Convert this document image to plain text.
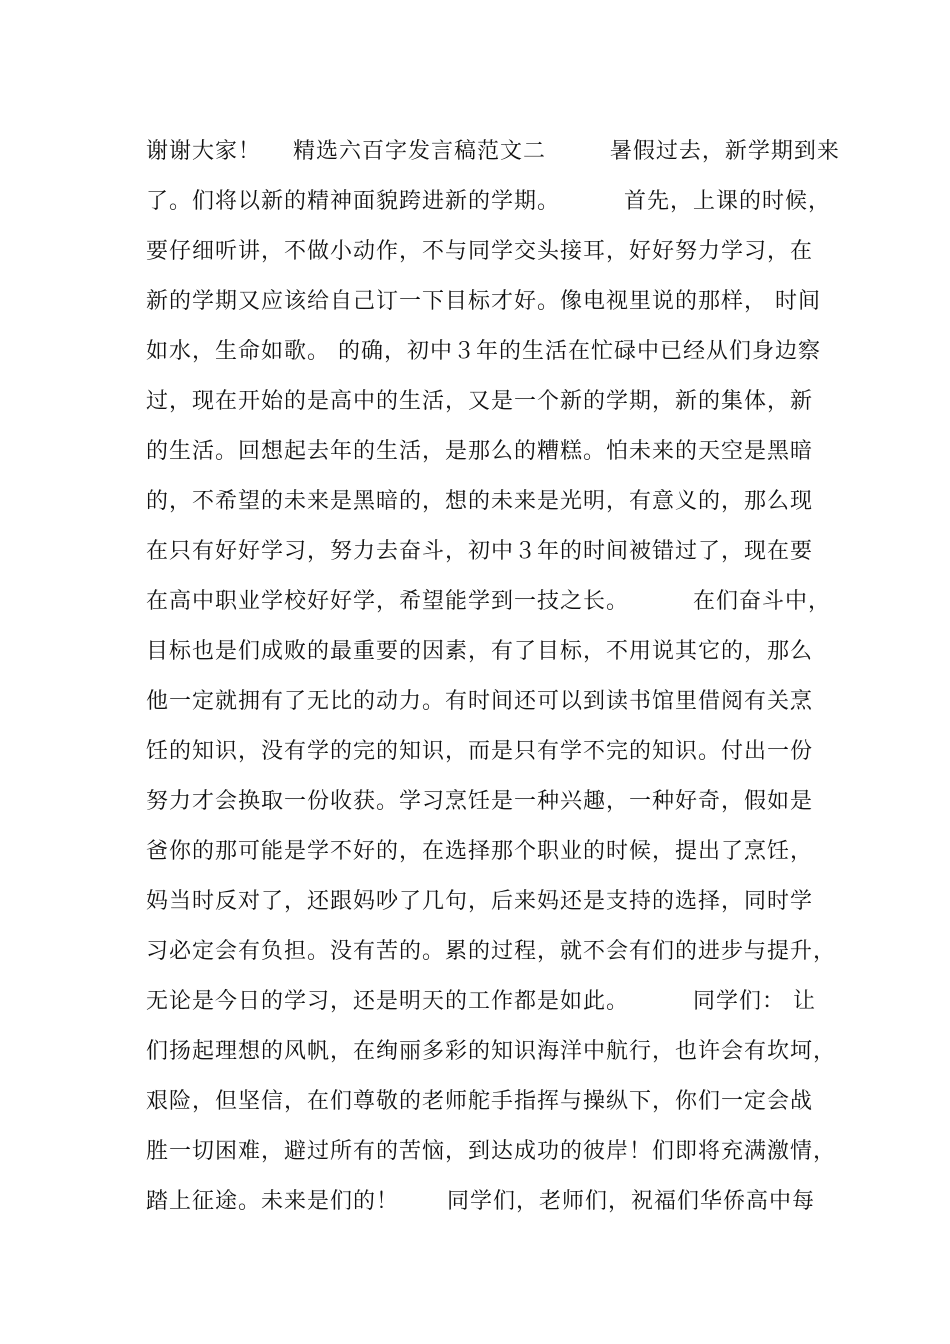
谢谢大家！    精选六百字发言稿范文二        暑假过去，新学期到来
了。们将以新的精神面貌跨进新的学期。        首先，上课的时候，
要仔细听讲，不做小动作，不与同学交头接耳，好好努力学习，在
新的学期又应该给自己订一下目标才好。像电视里说的那样， 时间
如水，生命如歌。 的确，初中３年的生活在忙碌中已经从们身边察
过，现在开始的是高中的生活，又是一个新的学期，新的集体，新
的生活。回想起去年的生活，是那么的糟糕。怕未来的天空是黑暗
的，不希望的未来是黑暗的，想的未来是光明，有意义的，那么现
在只有好好学习，努力去奋斗，初中３年的时间被错过了，现在要
在高中职业学校好好学，希望能学到一技之长。        在们奋斗中，
目标也是们成败的最重要的因素，有了目标，不用说其它的，那么
他一定就拥有了无比的动力。有时间还可以到读书馆里借阅有关烹
饪的知识，没有学的完的知识，而是只有学不完的知识。付出一份
努力才会换取一份收获。学习烹饪是一种兴趣，一种好奇，假如是
爸你的那可能是学不好的，在选择那个职业的时候，提出了烹饪，
妈当时反对了，还跟妈吵了几句，后来妈还是支持的选择，同时学
习必定会有负担。没有苦的。累的过程，就不会有们的进步与提升，
无论是今日的学习，还是明天的工作都是如此。        同学们： 让
们扬起理想的风帆，在绚丽多彩的知识海洋中航行，也许会有坎坷，
艰险，但坚信，在们尊敬的老师舵手指挥与操纵下，你们一定会战
胜一切困难，避过所有的苦恼，到达成功的彼岸！们即将充满激情，
踏上征途。未来是们的！      同学们，老师们，祝福们华侨高中每
